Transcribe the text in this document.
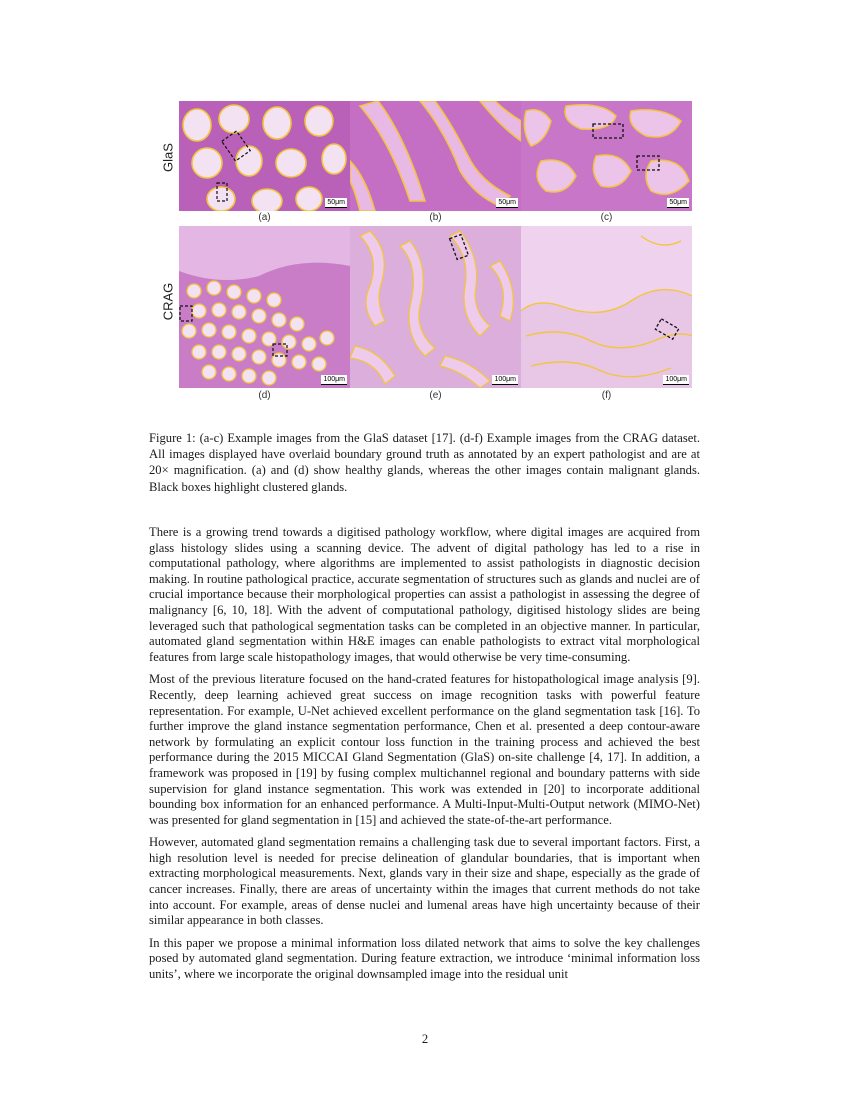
GlaS
CRAG
50μm
(a)
50μm
(b)
50μm
(c)
100μm
(d)
100μm
(e)
100μm
(f)
Figure 1: (a-c) Example images from the GlaS dataset [17]. (d-f) Example images from the CRAG dataset. All images displayed have overlaid boundary ground truth as annotated by an expert pathologist and are at 20× magnification. (a) and (d) show healthy glands, whereas the other images contain malignant glands. Black boxes highlight clustered glands.

There is a growing trend towards a digitised pathology workflow, where digital images are acquired from glass histology slides using a scanning device. The advent of digital pathology has led to a rise in computational pathology, where algorithms are implemented to assist pathologists in diagnostic decision making. In routine pathological practice, accurate segmentation of structures such as glands and nuclei are of crucial importance because their morphological properties can assist a pathologist in assessing the degree of malignancy [6, 10, 18]. With the advent of computational pathology, digitised histology slides are being leveraged such that pathological segmentation tasks can be completed in an objective manner. In particular, automated gland segmentation within H&E images can enable pathologists to extract vital morphological features from large scale histopathology images, that would otherwise be very time-consuming.

Most of the previous literature focused on the hand-crated features for histopathological image analysis [9]. Recently, deep learning achieved great success on image recognition tasks with powerful feature representation. For example, U-Net achieved excellent performance on the gland segmentation task [16]. To further improve the gland instance segmentation performance, Chen et al. presented a deep contour-aware network by formulating an explicit contour loss function in the training process and achieved the best performance during the 2015 MICCAI Gland Segmentation (GlaS) on-site challenge [4, 17]. In addition, a framework was proposed in [19] by fusing complex multichannel regional and boundary patterns with side supervision for gland instance segmentation. This work was extended in [20] to incorporate additional bounding box information for an enhanced performance. A Multi-Input-Multi-Output network (MIMO-Net) was presented for gland segmentation in [15] and achieved the state-of-the-art performance.

However, automated gland segmentation remains a challenging task due to several important factors. First, a high resolution level is needed for precise delineation of glandular boundaries, that is important when extracting morphological measurements. Next, glands vary in their size and shape, especially as the grade of cancer increases. Finally, there are areas of uncertainty within the images that current methods do not take into account. For example, areas of dense nuclei and lumenal areas have high uncertainty because of their similar appearance in both classes.

In this paper we propose a minimal information loss dilated network that aims to solve the key challenges posed by automated gland segmentation. During feature extraction, we introduce ‘minimal information loss units’, where we incorporate the original downsampled image into the residual unit

2
